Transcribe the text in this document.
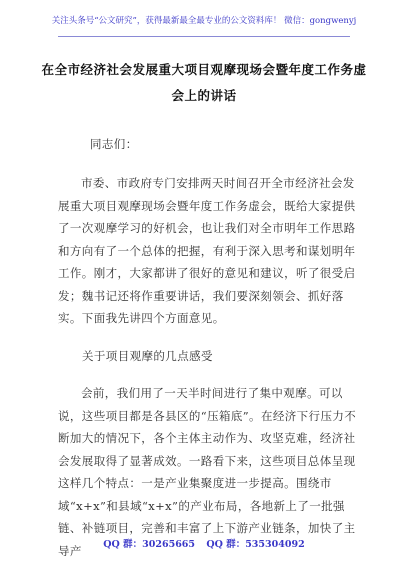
关注头条号“公文研究”，获得最新最全最专业的公文资料库！ 微信：gongwenyj
在全市经济社会发展重大项目观摩现场会暨年度工作务虚
会上的讲话
同志们：
市委、市政府专门安排两天时间召开全市经济社会发展重大项目观摩现场会暨年度工作务虚会，既给大家提供了一次观摩学习的好机会，也让我们对全市明年工作思路和方向有了一个总体的把握，有利于深入思考和谋划明年工作。刚才，大家都讲了很好的意见和建议，听了很受启发；魏书记还将作重要讲话，我们要深刻领会、抓好落实。下面我先讲四个方面意见。
关于项目观摩的几点感受
会前，我们用了一天半时间进行了集中观摩。可以说，这些项目都是各县区的“压箱底”。在经济下行压力不断加大的情况下，各个主体主动作为、攻坚克难，经济社会发展取得了显著成效。一路看下来，这些项目总体呈现这样几个特点：一是产业集聚度进一步提高。围绕市域“x+x”和县域“x+x”的产业布局，各地新上了一批强链、补链项目，完善和丰富了上下游产业链条，加快了主导产	QQ 群：30265665 QQ 群：535304092
